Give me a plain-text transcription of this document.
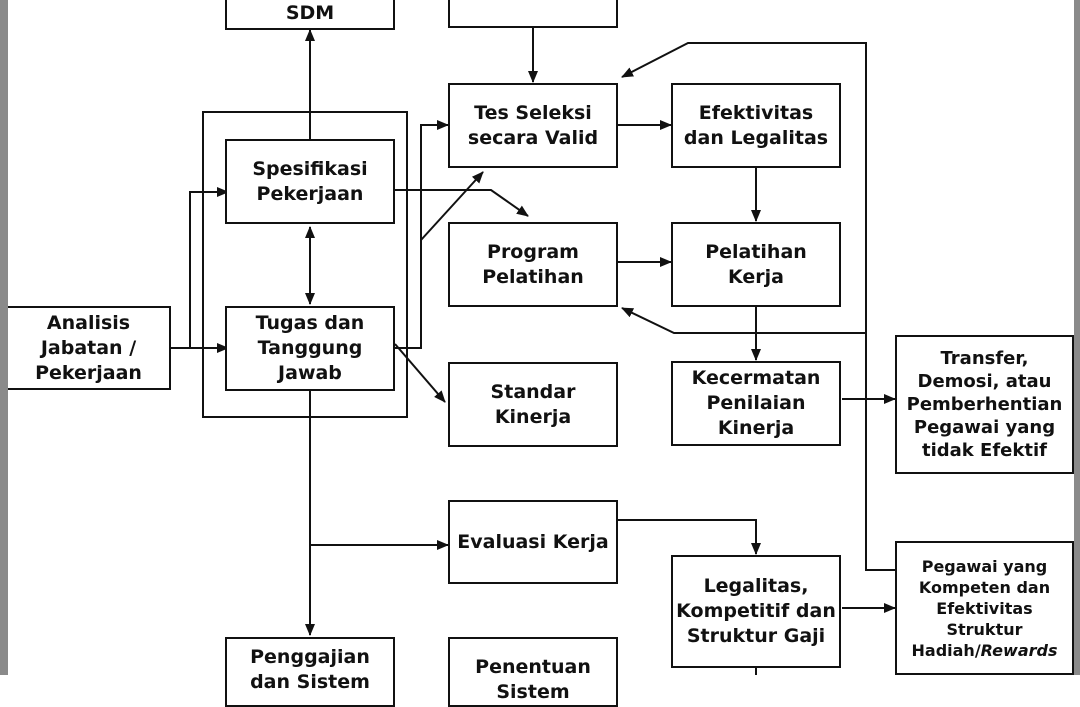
SDM
Analisis
Jabatan /
Pekerjaan
Spesifikasi
Pekerjaan
Tugas dan
Tanggung
Jawab
Tes Seleksi
secara Valid
Efektivitas
dan Legalitas
Program
Pelatihan
Pelatihan
Kerja
Standar
Kinerja
Kecermatan
Penilaian
Kinerja
Transfer,
Demosi, atau
Pemberhentian
Pegawai yang
tidak Efektif
Evaluasi Kerja
Legalitas,
Kompetitif dan
Struktur Gaji
Pegawai yang
Kompeten dan
Efektivitas
Struktur
Hadiah/Rewards
Penggajian
dan Sistem
Penentuan
Sistem
